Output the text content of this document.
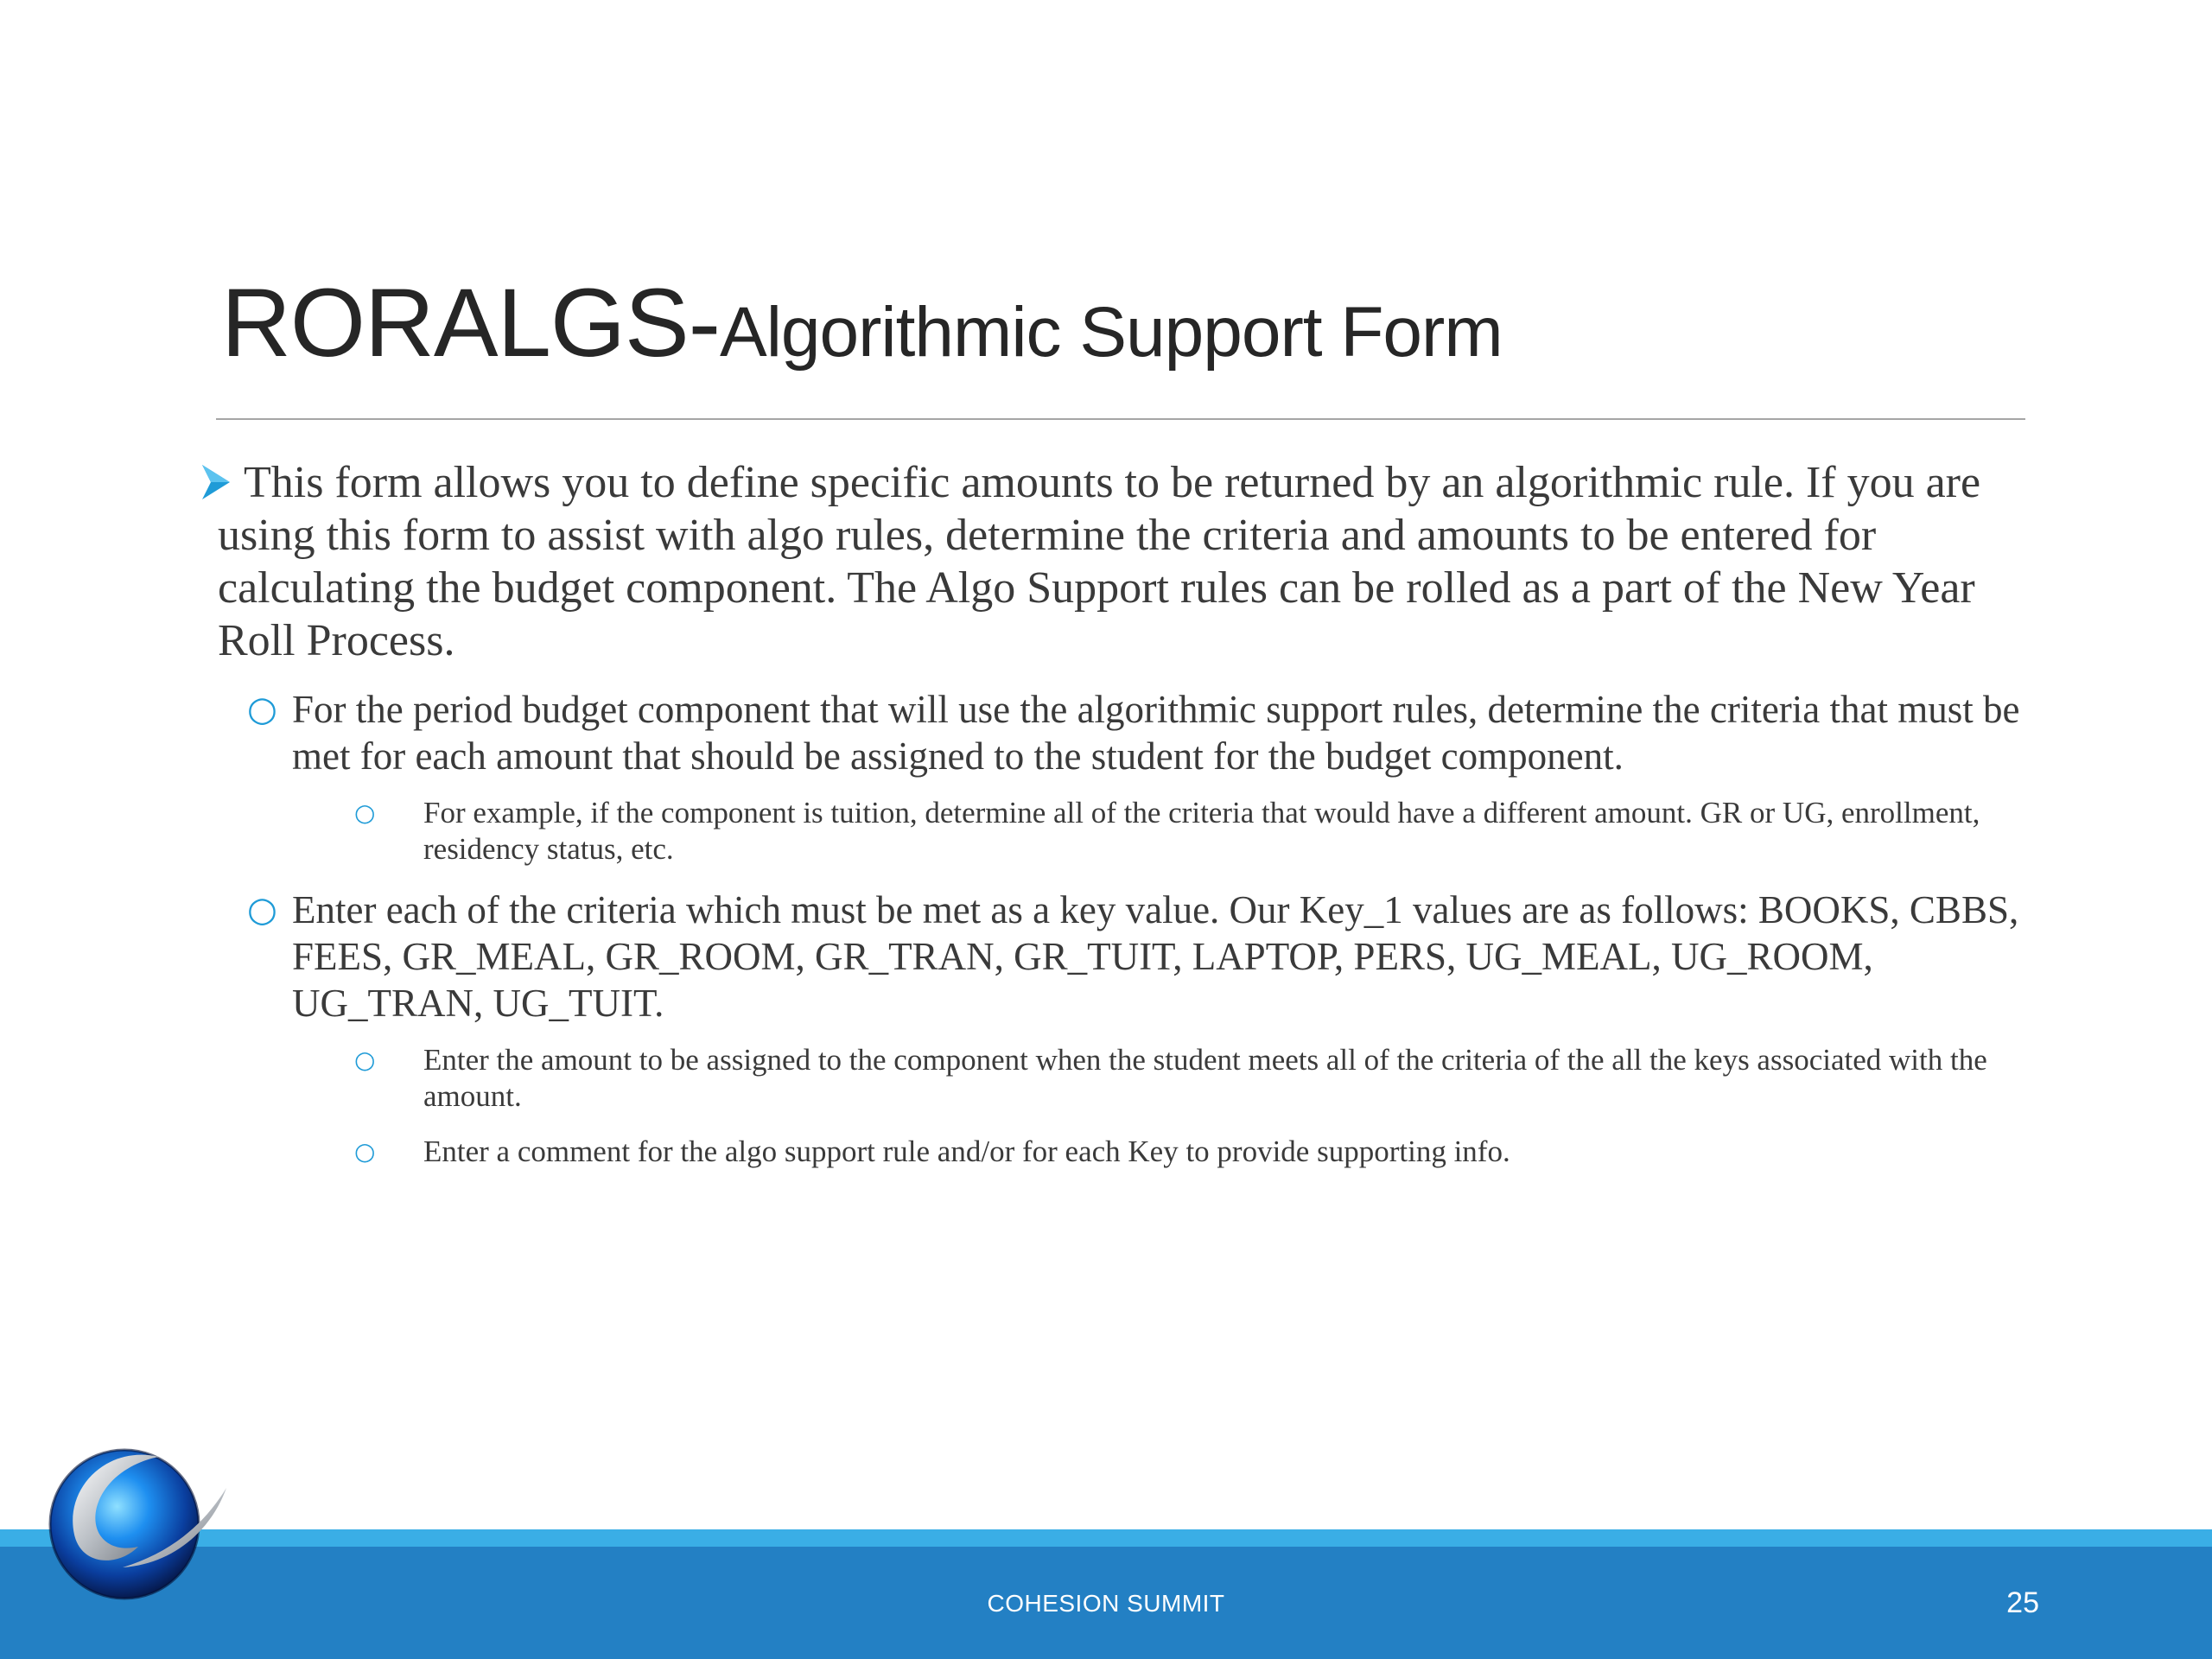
RORALGS-Algorithmic Support Form
This form allows you to define specific amounts to be returned by an algorithmic rule. If you are using this form to assist with algo rules, determine the criteria and amounts to be entered for calculating the budget component. The Algo Support rules can be rolled as a part of the New Year Roll Process.
○ For the period budget component that will use the algorithmic support rules, determine the criteria that must be met for each amount that should be assigned to the student for the budget component.
○ For example, if the component is tuition, determine all of the criteria that would have a different amount. GR or UG, enrollment, residency status, etc.
○ Enter each of the criteria which must be met as a key value. Our Key_1 values are as follows: BOOKS, CBBS, FEES, GR_MEAL, GR_ROOM, GR_TRAN, GR_TUIT, LAPTOP, PERS, UG_MEAL, UG_ROOM, UG_TRAN, UG_TUIT.
○ Enter the amount to be assigned to the component when the student meets all of the criteria of the all the keys associated with the amount.
○ Enter a comment for the algo support rule and/or for each Key to provide supporting info.
COHESION SUMMIT	25
